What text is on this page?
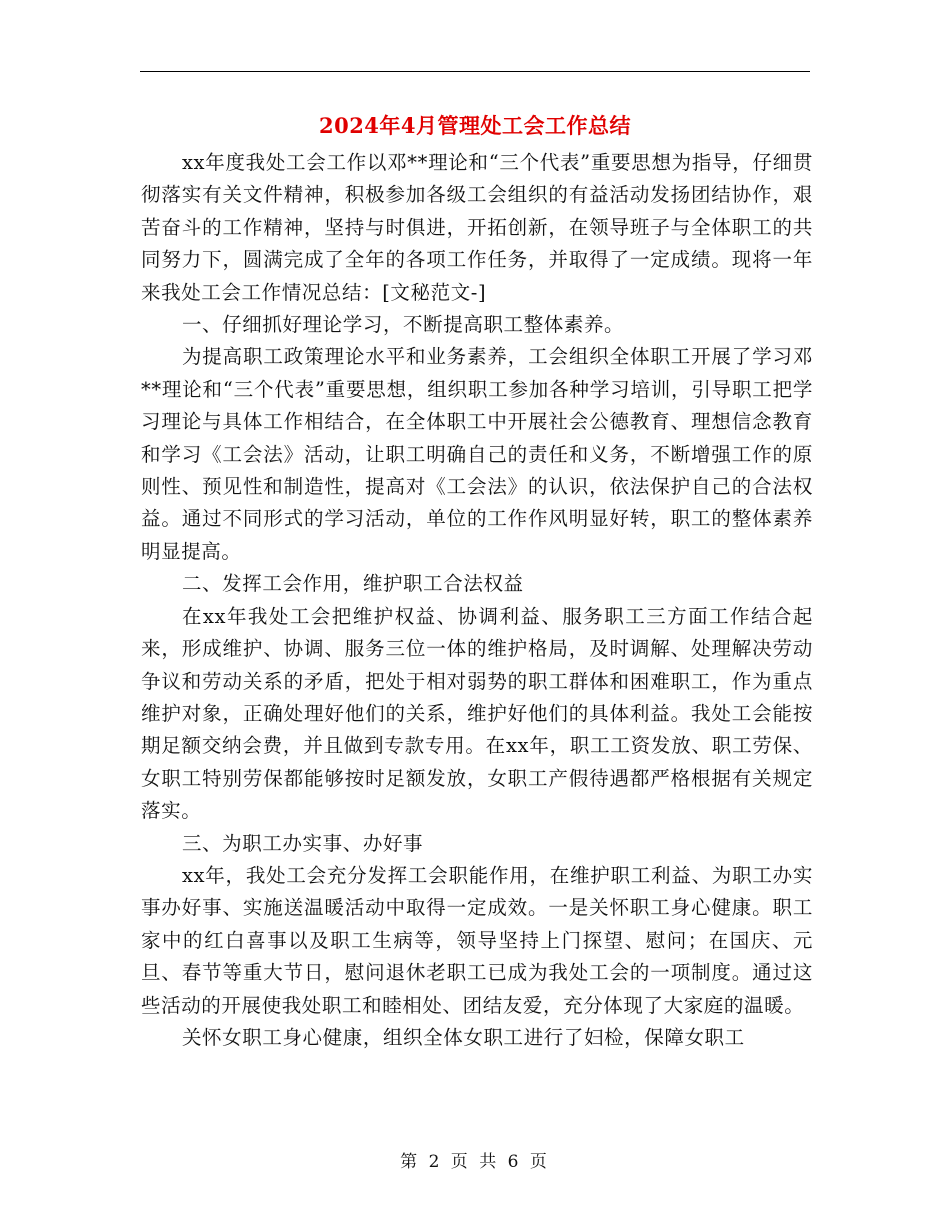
2024年4月管理处工会工作总结

xx年度我处工会工作以邓**理论和“三个代表”重要思想为指导，仔细贯彻落实有关文件精神，积极参加各级工会组织的有益活动发扬团结协作，艰苦奋斗的工作精神，坚持与时俱进，开拓创新，在领导班子与全体职工的共同努力下，圆满完成了全年的各项工作任务，并取得了一定成绩。现将一年来我处工会工作情况总结：[文秘范文-]

一、仔细抓好理论学习，不断提高职工整体素养。

为提高职工政策理论水平和业务素养，工会组织全体职工开展了学习邓**理论和“三个代表”重要思想，组织职工参加各种学习培训，引导职工把学习理论与具体工作相结合，在全体职工中开展社会公德教育、理想信念教育和学习《工会法》活动，让职工明确自己的责任和义务，不断增强工作的原则性、预见性和制造性，提高对《工会法》的认识，依法保护自己的合法权益。通过不同形式的学习活动，单位的工作作风明显好转，职工的整体素养明显提高。

二、发挥工会作用，维护职工合法权益

在xx年我处工会把维护权益、协调利益、服务职工三方面工作结合起来，形成维护、协调、服务三位一体的维护格局，及时调解、处理解决劳动争议和劳动关系的矛盾，把处于相对弱势的职工群体和困难职工，作为重点维护对象，正确处理好他们的关系，维护好他们的具体利益。我处工会能按期足额交纳会费，并且做到专款专用。在xx年，职工工资发放、职工劳保、女职工特别劳保都能够按时足额发放，女职工产假待遇都严格根据有关规定落实。

三、为职工办实事、办好事

xx年，我处工会充分发挥工会职能作用，在维护职工利益、为职工办实事办好事、实施送温暖活动中取得一定成效。一是关怀职工身心健康。职工家中的红白喜事以及职工生病等，领导坚持上门探望、慰问；在国庆、元旦、春节等重大节日，慰问退休老职工已成为我处工会的一项制度。通过这些活动的开展使我处职工和睦相处、团结友爱，充分体现了大家庭的温暖。

关怀女职工身心健康，组织全体女职工进行了妇检，保障女职工

第 2 页 共 6 页
